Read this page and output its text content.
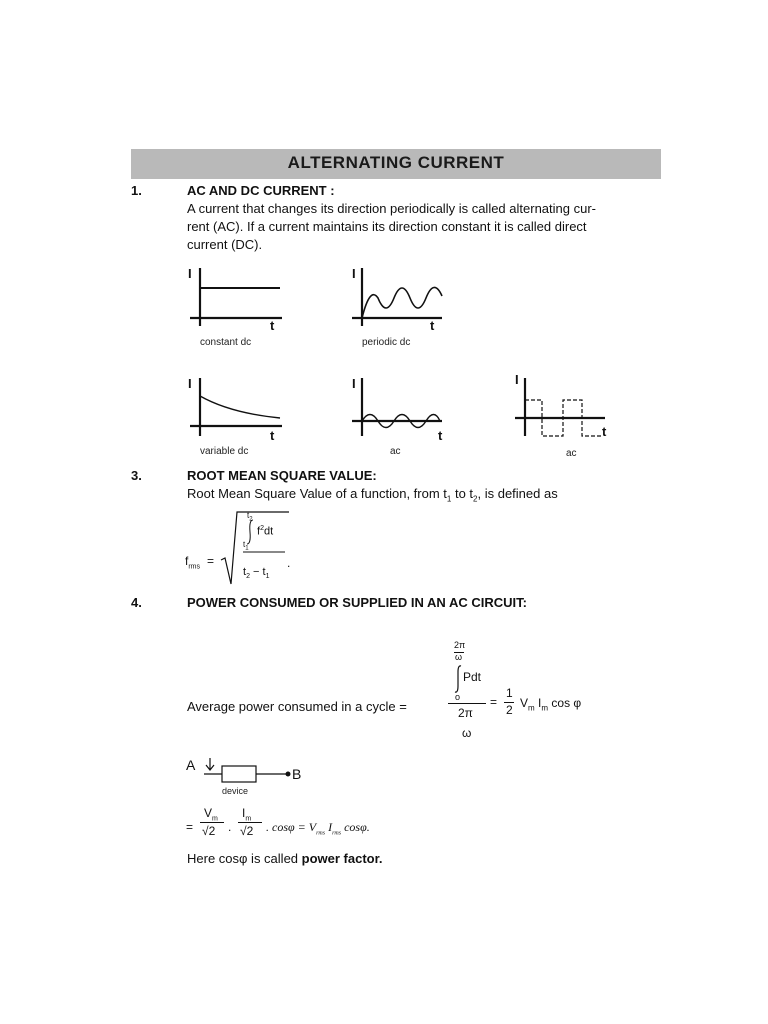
ALTERNATING CURRENT
1.	AC AND DC CURRENT :
A current that changes its direction periodically is called alternating cur-
rent (AC). If a current maintains its direction constant it is called direct
current (DC).
I
t
I
t
I
t
I
t
I
t
constant dc	periodic dc
variable dc	ac	ac
3.	ROOT MEAN SQUARE VALUE:
Root Mean Square Value of a function, from $t_1$ to $t_2$, is defined as
$f_{rms}$ =
$t_2$
$f^2dt$
$t_1$
$t_2 - t_1$
.
4.	POWER CONSUMED OR SUPPLIED IN AN AC CIRCUIT:
Average power consumed in a cycle =
2π
ω
Pdt
o
2π
ω
=
1
2 $V_m$ $I_m$ cos φ
A
B
device
=
$V_m$
√2 .
$I_m$
√2 . $\cos\varphi = V_{rms}$ $I_{rms}$ cosφ.
Here cosφ is called power factor.
